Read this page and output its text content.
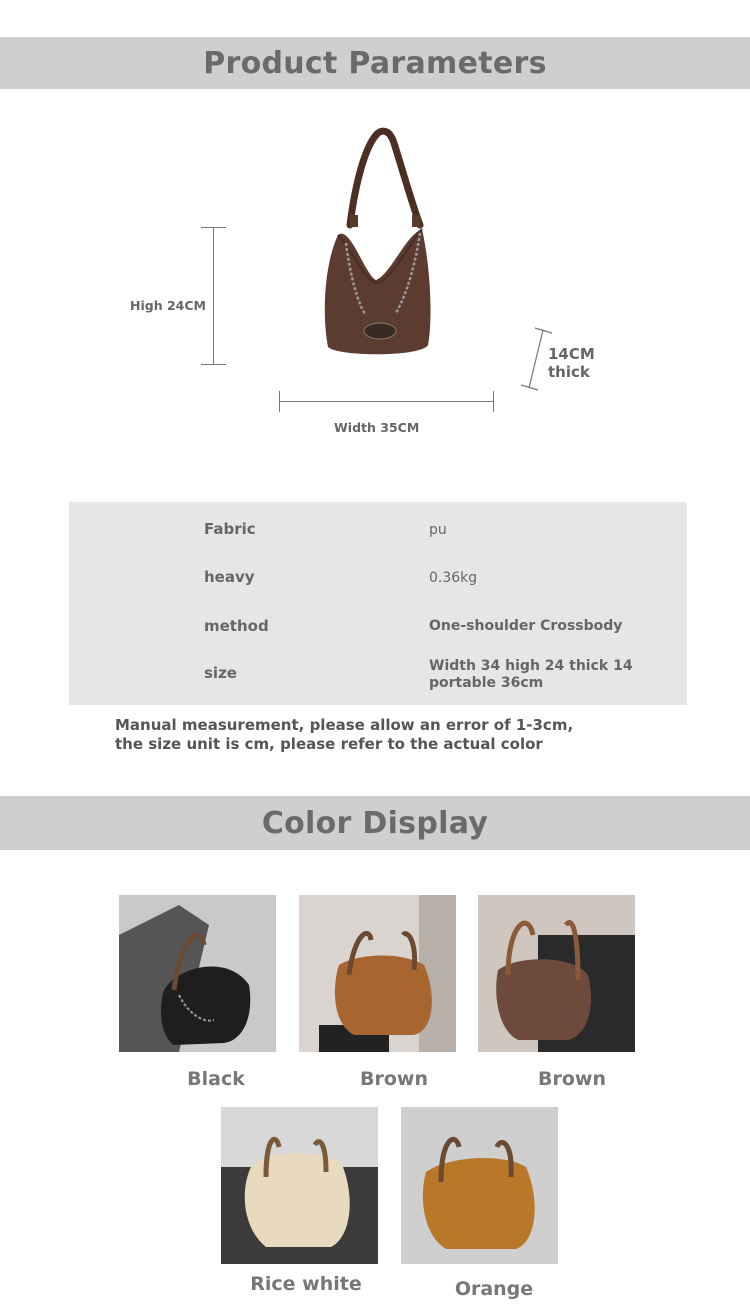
Product Parameters
High 24CM
Width 35CM
14CM
thick
Fabric	pu
heavy	0.36kg
method	One-shoulder Crossbody
size	Width 34 high 24 thick 14 portable 36cm
Manual measurement, please allow an error of 1-3cm, the size unit is cm, please refer to the actual color
Color Display
Black	Brown	Brown
Rice white	Orange
